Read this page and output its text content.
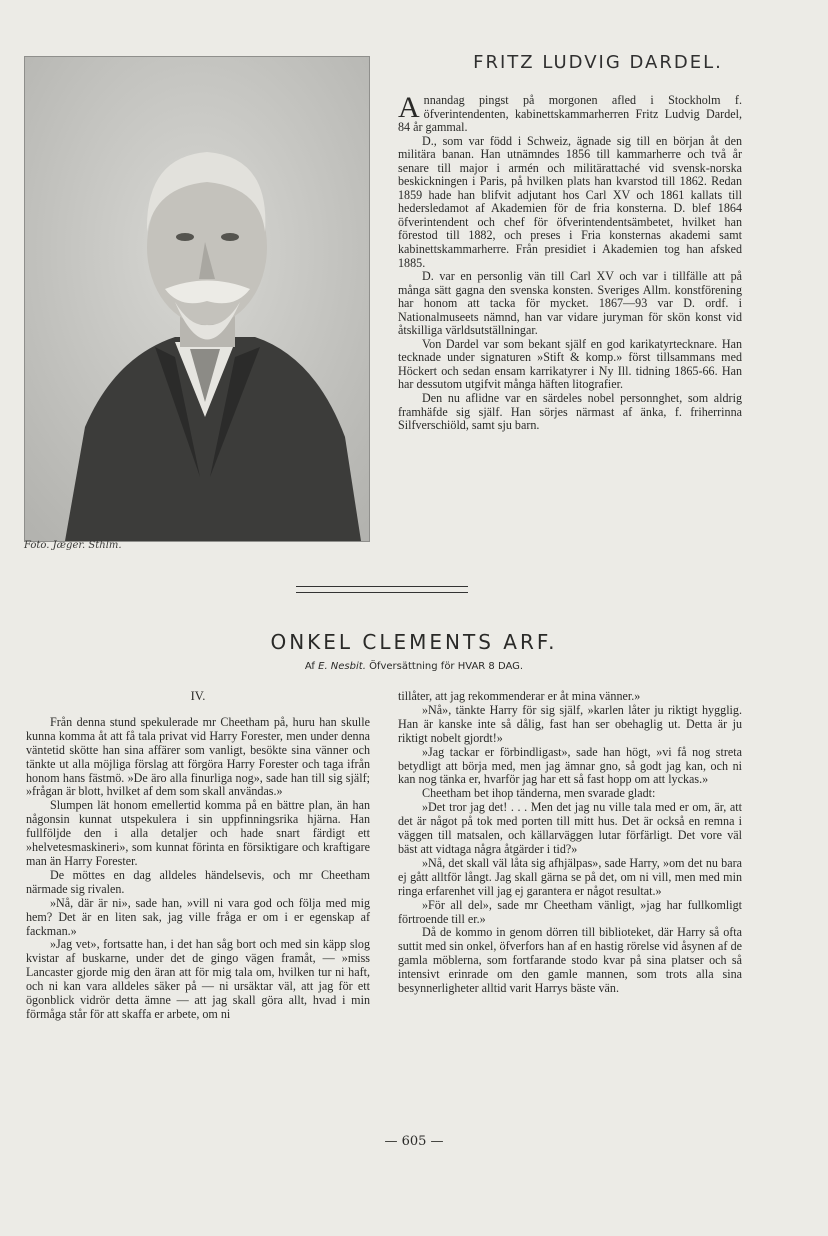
Foto. Jæger. Sthlm.
FRITZ LUDVIG DARDEL.

Annandag pingst på morgonen afled i Stockholm f. öfverintendenten, kabinettskammarherren Fritz Ludvig Dardel, 84 år gammal.

D., som var född i Schweiz, ägnade sig till en början åt den militära banan. Han utnämndes 1856 till kammarherre och två år senare till major i armén och militärattaché vid svensk-norska beskickningen i Paris, på hvilken plats han kvarstod till 1862. Redan 1859 hade han blifvit adjutant hos Carl XV och 1861 kallats till hedersledamot af Akademien för de fria konsterna. D. blef 1864 öfverintendent och chef för öfverintendentsämbetet, hvilket han förestod till 1882, och preses i Fria konsternas akademi samt kabinettskammarherre. Från presidiet i Akademien tog han afsked 1885.

D. var en personlig vän till Carl XV och var i tillfälle att på många sätt gagna den svenska konsten. Sveriges Allm. konstförening har honom att tacka för mycket. 1867—93 var D. ordf. i Nationalmuseets nämnd, han var vidare juryman för skön konst vid åtskilliga världsutställningar.

Von Dardel var som bekant själf en god karikatyrtecknare. Han tecknade under signaturen »Stift & komp.» först tillsammans med Höckert och sedan ensam karrikatyrer i Ny Ill. tidning 1865-66. Han har dessutom utgifvit många häften litografier.

Den nu aflidne var en särdeles nobel personnghet, som aldrig framhäfde sig själf. Han sörjes närmast af änka, f. friherrinna Silfverschiöld, samt sju barn.

ONKEL CLEMENTS ARF.
Af E. Nesbit. Öfversättning för HVAR 8 DAG.
IV.

Från denna stund spekulerade mr Cheetham på, huru han skulle kunna komma åt att få tala privat vid Harry Forester, men under denna väntetid skötte han sina affärer som vanligt, besökte sina vänner och tänkte ut alla möjliga förslag att förgöra Harry Forester och taga ifrån honom hans fästmö. »De äro alla finurliga nog», sade han till sig själf; »frågan är blott, hvilket af dem som skall användas.»

Slumpen lät honom emellertid komma på en bättre plan, än han någonsin kunnat utspekulera i sin uppfinningsrika hjärna. Han fullföljde den i alla detaljer och hade snart färdigt ett »helvetesmaskineri», som kunnat förinta en försiktigare och kraftigare man än Harry Forester.

De möttes en dag alldeles händelsevis, och mr Cheetham närmade sig rivalen.

»Nå, där är ni», sade han, »vill ni vara god och följa med mig hem? Det är en liten sak, jag ville fråga er om i er egenskap af fackman.»

»Jag vet», fortsatte han, i det han såg bort och med sin käpp slog kvistar af buskarne, under det de gingo vägen framåt, — »miss Lancaster gjorde mig den äran att för mig tala om, hvilken tur ni haft, och ni kan vara alldeles säker på — ni ursäktar väl, att jag för ett ögonblick vidrör detta ämne — att jag skall göra allt, hvad i min förmåga står för att skaffa er arbete, om ni

tillåter, att jag rekommenderar er åt mina vänner.»

»Nå», tänkte Harry för sig själf, »karlen låter ju riktigt hygglig. Han är kanske inte så dålig, fast han ser obehaglig ut. Detta är ju riktigt nobelt gjordt!»

»Jag tackar er förbindligast», sade han högt, »vi få nog streta betydligt att börja med, men jag ämnar gno, så godt jag kan, och ni kan nog tänka er, hvarför jag har ett så fast hopp om att lyckas.»

Cheetham bet ihop tänderna, men svarade gladt:

»Det tror jag det! . . . Men det jag nu ville tala med er om, är, att det är något på tok med porten till mitt hus. Det är också en remna i väggen till matsalen, och källarväggen lutar förfärligt. Det vore väl bäst att vidtaga några åtgärder i tid?»

»Nå, det skall väl låta sig afhjälpas», sade Harry, »om det nu bara ej gått alltför långt. Jag skall gärna se på det, om ni vill, men med min ringa erfarenhet vill jag ej garantera er något resultat.»

»För all del», sade mr Cheetham vänligt, »jag har fullkomligt förtroende till er.»

Då de kommo in genom dörren till biblioteket, där Harry så ofta suttit med sin onkel, öfverfors han af en hastig rörelse vid åsynen af de gamla möblerna, som fortfarande stodo kvar på sina platser och så intensivt erinrade om den gamle mannen, som trots alla sina besynnerligheter alltid varit Harrys bäste vän.

— 605 —
